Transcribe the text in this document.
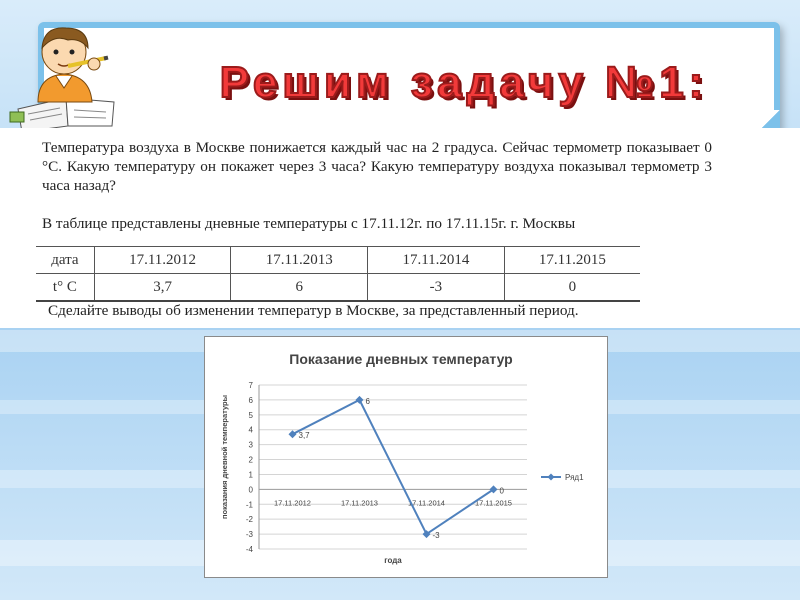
Решим задачу №1:
Температура воздуха в Москве понижается каждый час на 2 градуса. Сейчас термометр показывает 0 °С. Какую температуру он покажет через 3 часа? Какую температуру воздуха показывал термометр 3 часа назад?
В таблице представлены дневные температуры с 17.11.12г. по 17.11.15г. г. Москвы
дата	17.11.2012	17.11.2013	17.11.2014	17.11.2015
t° C	3,7	6	-3	0
Сделайте выводы об изменении температур в Москве, за представленный период.
Показание дневных температур
года
показания дневной температуры
7
6
5
4
3
2
1
0
-1
-2
-3
-4
17.11.2012	17.11.2013	17.11.2014	17.11.2015
3,7
6
-3
0
Ряд1
